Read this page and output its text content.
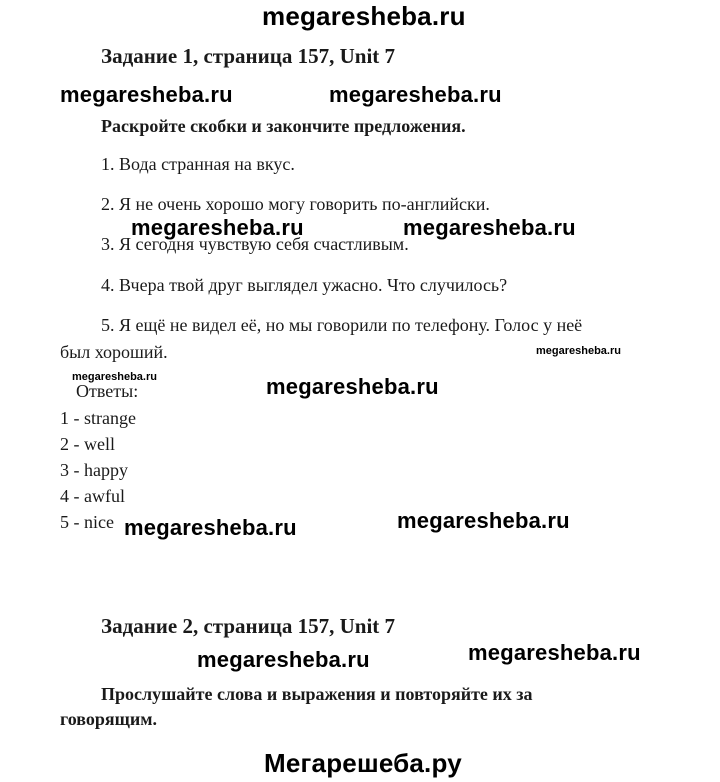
megaresheba.ru
Задание 1, страница 157, Unit 7
megaresheba.ru	megaresheba.ru
Раскройте скобки и закончите предложения.
1. Вода странная на вкус.
2. Я не очень хорошо могу говорить по-английски.
megaresheba.ru	megaresheba.ru
3. Я сегодня чувствую себя счастливым.
4. Вчера твой друг выглядел ужасно. Что случилось?
5. Я ещё не видел её, но мы говорили по телефону. Голос у неё
был хороший.	megaresheba.ru
megaresheba.ru
Ответы:	megaresheba.ru
1 - strange
2 - well
3 - happy
4 - awful
5 - nice megaresheba.ru	megaresheba.ru
Задание 2, страница 157, Unit 7
megaresheba.ru	megaresheba.ru
Прослушайте слова и выражения и повторяйте их за
говорящим.
Мегарешеба.ру
